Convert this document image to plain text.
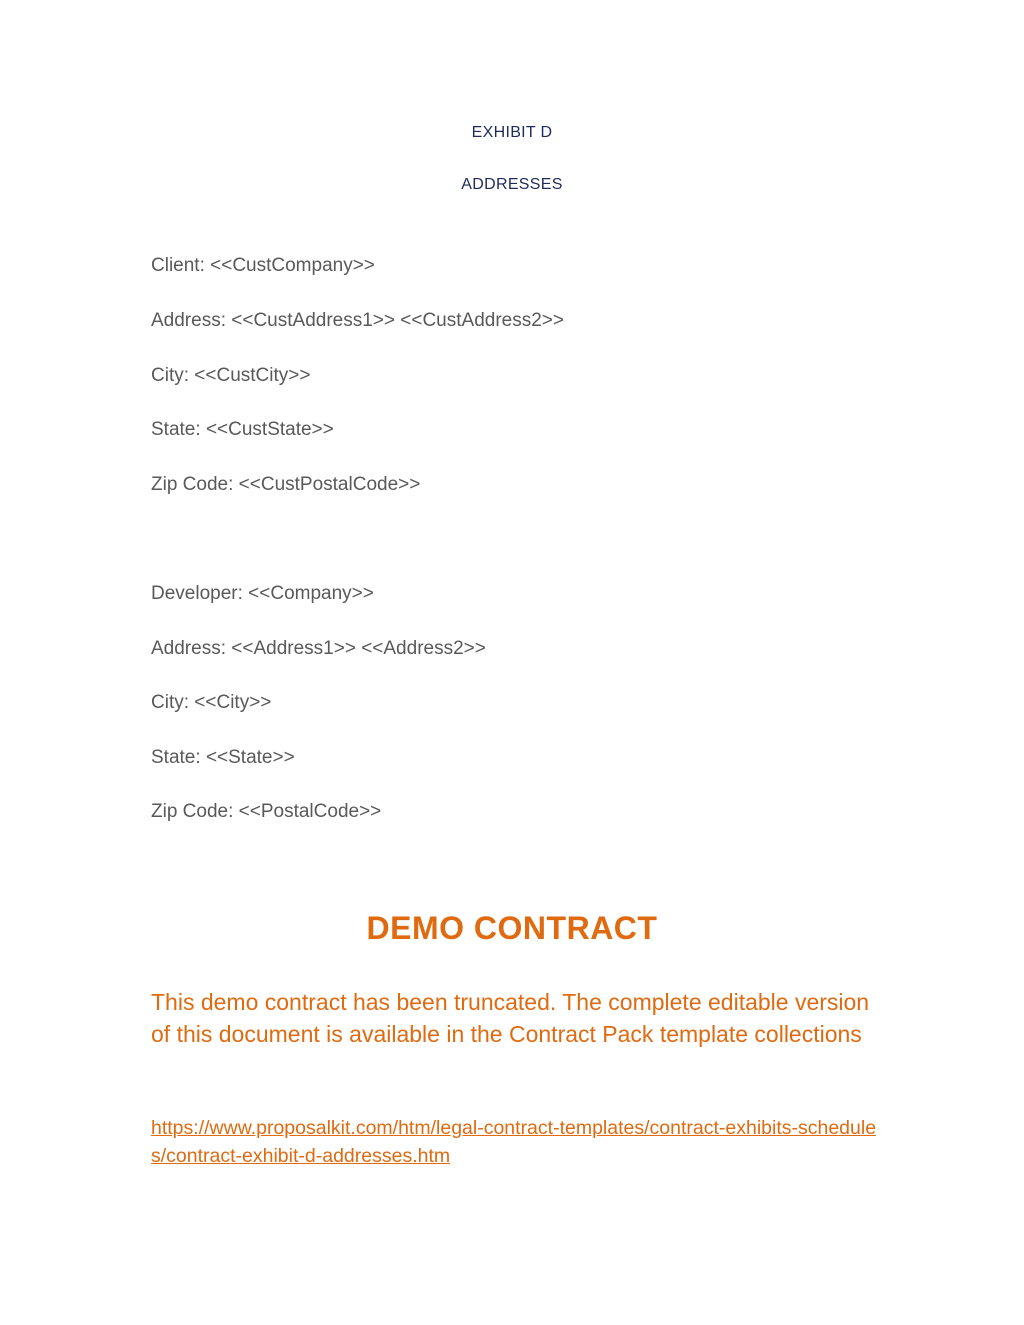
EXHIBIT D
ADDRESSES
Client: <<CustCompany>>
Address: <<CustAddress1>> <<CustAddress2>>
City: <<CustCity>>
State: <<CustState>>
Zip Code: <<CustPostalCode>>
Developer: <<Company>>
Address: <<Address1>> <<Address2>>
City: <<City>>
State: <<State>>
Zip Code: <<PostalCode>>
DEMO CONTRACT
This demo contract has been truncated. The complete editable version of this document is available in the Contract Pack template collections
https://www.proposalkit.com/htm/legal-contract-templates/contract-exhibits-schedules/contract-exhibit-d-addresses.htm
